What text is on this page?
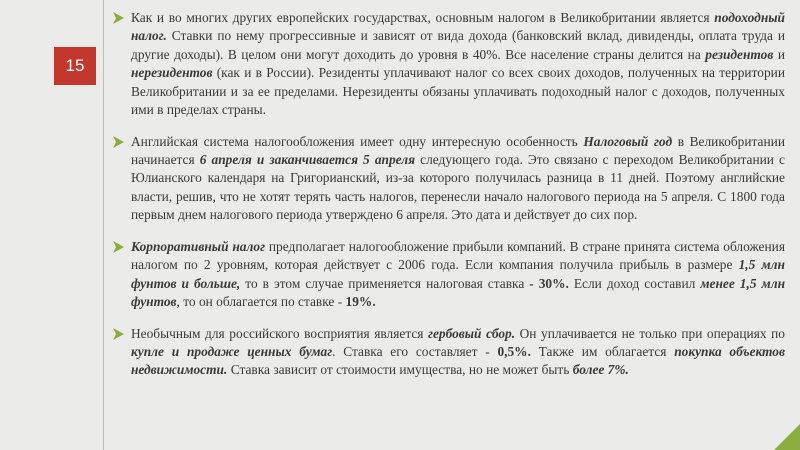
15
Как и во многих других европейских государствах, основным налогом в Великобритании является подоходный налог. Ставки по нему прогрессивные и зависят от вида дохода (банковский вклад, дивиденды, оплата труда и другие доходы). В целом они могут доходить до уровня в 40%. Все население страны делится на резидентов и нерезидентов (как и в России). Резиденты уплачивают налог со всех своих доходов, полученных на территории Великобритании и за ее пределами. Нерезиденты обязаны уплачивать подоходный налог с доходов, полученных ими в пределах страны.
Английская система налогообложения имеет одну интересную особенность Налоговый год в Великобритании начинается 6 апреля и заканчивается 5 апреля следующего года. Это связано с переходом Великобритании с Юлианского календаря на Григорианский, из-за которого получилась разница в 11 дней. Поэтому английские власти, решив, что не хотят терять часть налогов, перенесли начало налогового периода на 5 апреля. С 1800 года первым днем налогового периода утверждено 6 апреля. Это дата и действует до сих пор.
Корпоративный налог предполагает налогообложение прибыли компаний. В стране принята система обложения налогом по 2 уровням, которая действует с 2006 года. Если компания получила прибыль в размере 1,5 млн фунтов и больше, то в этом случае применяется налоговая ставка - 30%. Если доход составил менее 1,5 млн фунтов, то он облагается по ставке - 19%.
Необычным для российского восприятия является гербовый сбор. Он уплачивается не только при операциях по купле и продаже ценных бумаг. Ставка его составляет - 0,5%. Также им облагается покупка объектов недвижимости. Ставка зависит от стоимости имущества, но не может быть более 7%.
